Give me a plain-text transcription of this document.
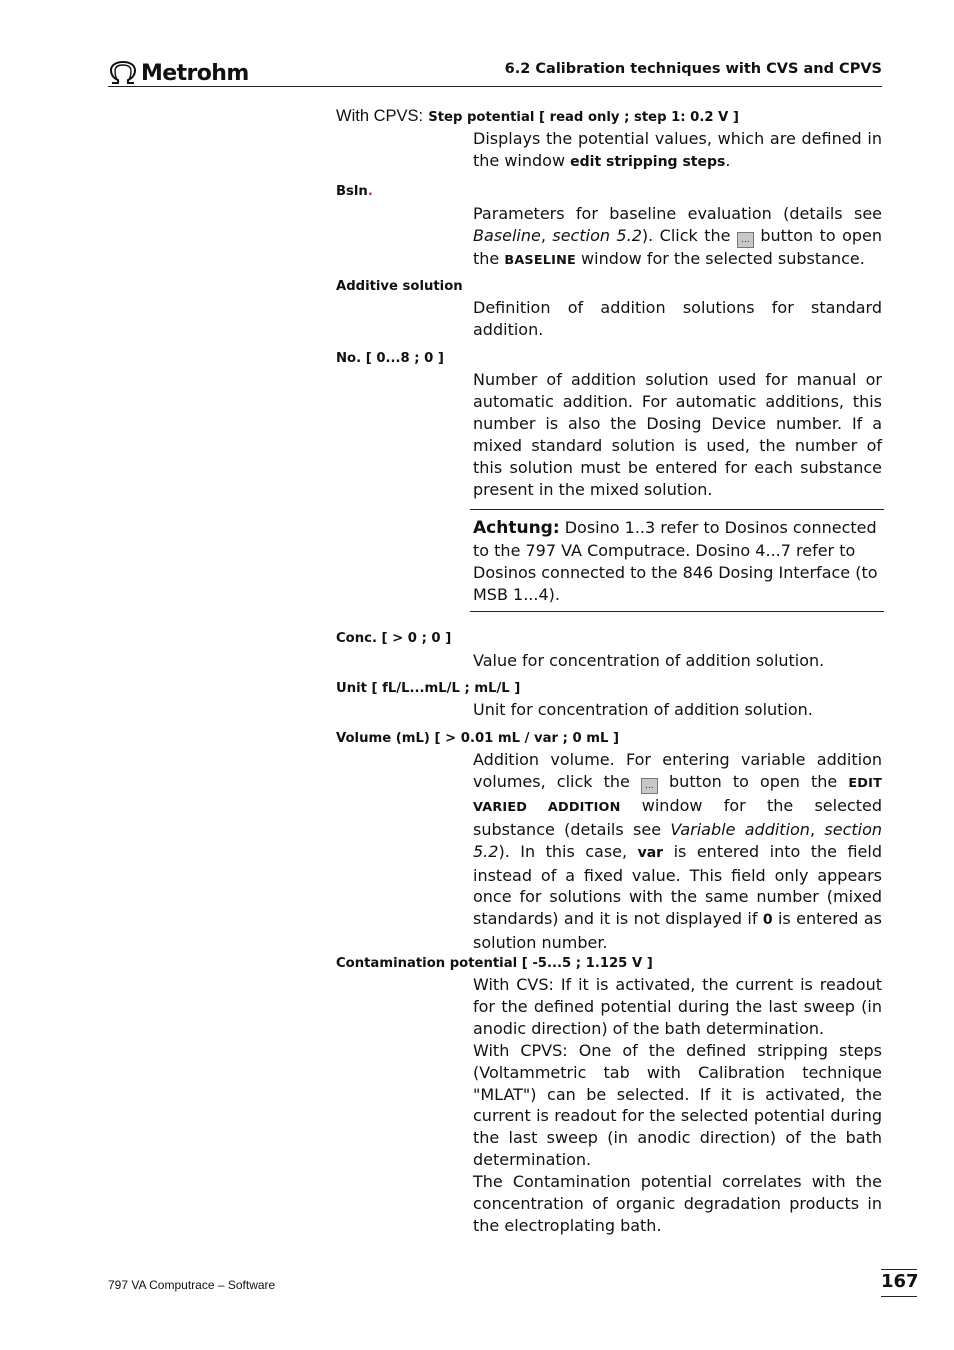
Metrohm	6.2 Calibration techniques with CVS and CPVS
With CPVS: Step potential [ read only ; step 1: 0.2 V ]
Displays the potential values, which are defined in the window edit stripping steps.
Bsln.
Parameters for baseline evaluation (details see Baseline, section 5.2). Click the ... button to open the BASELINE window for the selected substance.
Additive solution
Definition of addition solutions for standard addition.
No. [ 0...8 ; 0 ]
Number of addition solution used for manual or automatic addition. For automatic additions, this number is also the Dosing Device number. If a mixed standard solution is used, the number of this solution must be entered for each substance present in the mixed solution.
Achtung: Dosino 1..3 refer to Dosinos connected to the 797 VA Computrace. Dosino 4...7 refer to Dosinos connected to the 846 Dosing Interface (to MSB 1...4).
Conc. [ > 0 ; 0 ]
Value for concentration of addition solution.
Unit [ fL/L...mL/L ; mL/L ]
Unit for concentration of addition solution.
Volume (mL) [ > 0.01 mL / var ; 0 mL ]
Addition volume. For entering variable addition volumes, click the ... button to open the EDIT VARIED ADDITION window for the selected substance (details see Variable addition, section 5.2). In this case, var is entered into the field instead of a fixed value. This field only appears once for solutions with the same number (mixed standards) and it is not displayed if 0 is entered as solution number.
Contamination potential [ -5...5 ; 1.125 V ]

With CVS: If it is activated, the current is readout for the defined potential during the last sweep (in anodic direction) of the bath determination.

With CPVS: One of the defined stripping steps (Voltammetric tab with Calibration technique "MLAT") can be selected. If it is activated, the current is readout for the selected potential during the last sweep (in anodic direction) of the bath determination.

The Contamination potential correlates with the concentration of organic degradation products in the electroplating bath.

797 VA Computrace – Software	167
